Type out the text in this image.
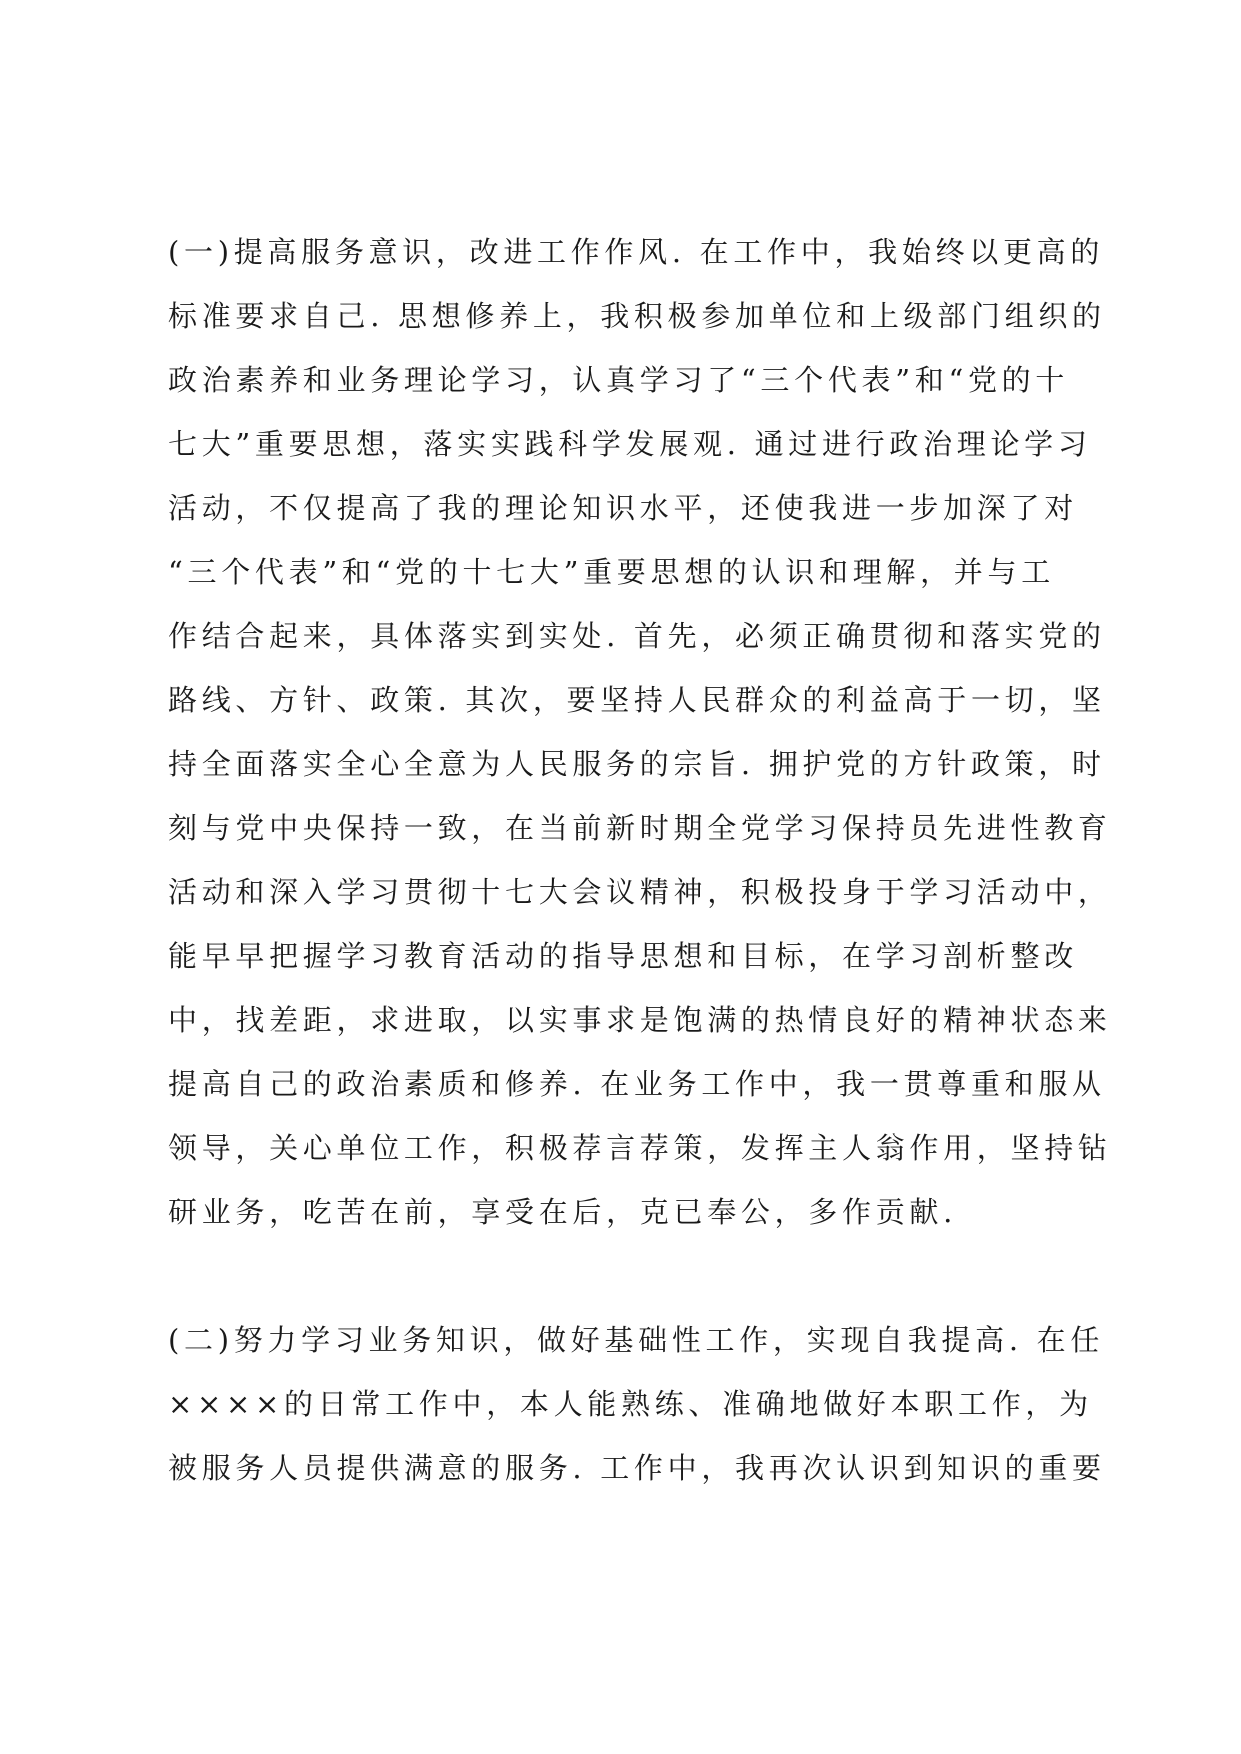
(一)提高服务意识，改进工作作风. 在工作中，我始终以更高的
标准要求自己. 思想修养上，我积极参加单位和上级部门组织的
政治素养和业务理论学习，认真学习了“三个代表”和“党的十
七大”重要思想，落实实践科学发展观. 通过进行政治理论学习
活动，不仅提高了我的理论知识水平，还使我进一步加深了对
“三个代表”和“党的十七大”重要思想的认识和理解，并与工
作结合起来，具体落实到实处. 首先，必须正确贯彻和落实党的
路线、方针、政策. 其次，要坚持人民群众的利益高于一切，坚
持全面落实全心全意为人民服务的宗旨. 拥护党的方针政策，时
刻与党中央保持一致，在当前新时期全党学习保持员先进性教育
活动和深入学习贯彻十七大会议精神，积极投身于学习活动中，
能早早把握学习教育活动的指导思想和目标，在学习剖析整改
中，找差距，求进取，以实事求是饱满的热情良好的精神状态来
提高自己的政治素质和修养. 在业务工作中，我一贯尊重和服从
领导，关心单位工作，积极荐言荐策，发挥主人翁作用，坚持钻
研业务，吃苦在前，享受在后，克已奉公，多作贡献.
(二)努力学习业务知识，做好基础性工作，实现自我提高. 在任
××××的日常工作中，本人能熟练、准确地做好本职工作，为
被服务人员提供满意的服务. 工作中，我再次认识到知识的重要
